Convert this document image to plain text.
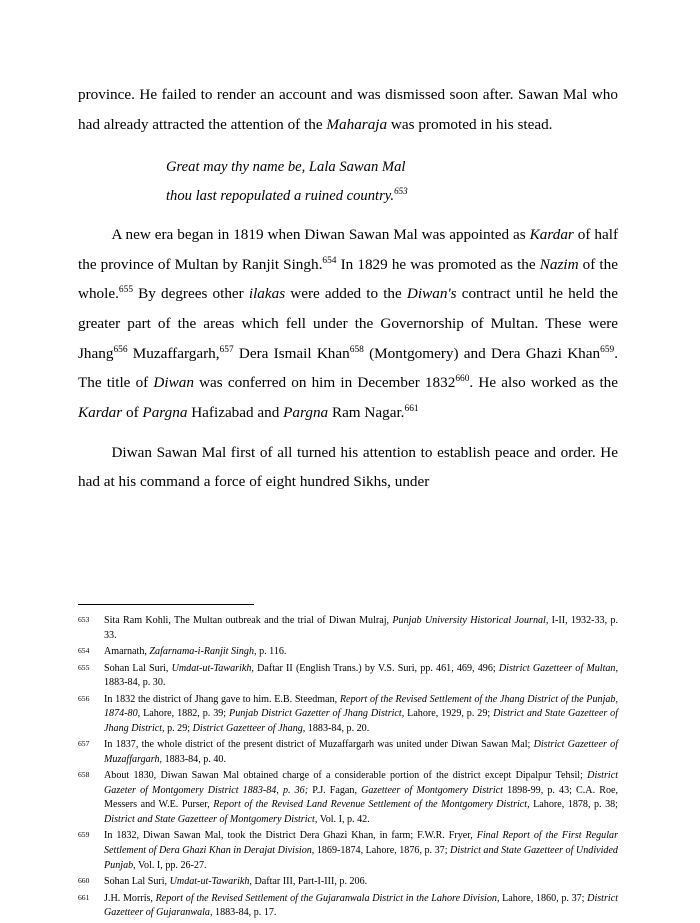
province. He failed to render an account and was dismissed soon after. Sawan Mal who had already attracted the attention of the Maharaja was promoted in his stead.

Great may thy name be, Lala Sawan Mal
thou last repopulated a ruined country.$^{653}$

A new era began in 1819 when Diwan Sawan Mal was appointed as Kardar of half the province of Multan by Ranjit Singh.$^{654}$ In 1829 he was promoted as the Nazim of the whole.$^{655}$ By degrees other ilakas were added to the Diwan's contract until he held the greater part of the areas which fell under the Governorship of Multan. These were Jhang$^{656}$ Muzaffargarh,$^{657}$ Dera Ismail Khan$^{658}$ (Montgomery) and Dera Ghazi Khan$^{659}$. The title of Diwan was conferred on him in December 1832$^{660}$. He also worked as the Kardar of Pargna Hafizabad and Pargna Ram Nagar.$^{661}$

Diwan Sawan Mal first of all turned his attention to establish peace and order. He had at his command a force of eight hundred Sikhs, under

653	Sita Ram Kohli, The Multan outbreak and the trial of Diwan Mulraj, Punjab University Historical Journal, I-II, 1932-33, p. 33.
654	Amarnath, Zafarnama-i-Ranjit Singh, p. 116.
655	Sohan Lal Suri, Umdat-ut-Tawarikh, Daftar II (English Trans.) by V.S. Suri, pp. 461, 469, 496; District Gazetteer of Multan, 1883-84, p. 30.
656	In 1832 the district of Jhang gave to him. E.B. Steedman, Report of the Revised Settlement of the Jhang District of the Punjab, 1874-80, Lahore, 1882, p. 39; Punjab District Gazetter of Jhang District, Lahore, 1929, p. 29; District and State Gazetteer of Jhang District, p. 29; District Gazetteer of Jhang, 1883-84, p. 20.
657	In 1837, the whole district of the present district of Muzaffargarh was united under Diwan Sawan Mal; District Gazetteer of Muzaffargarh, 1883-84, p. 40.
658	About 1830, Diwan Sawan Mal obtained charge of a considerable portion of the district except Dipalpur Tehsil; District Gazeter of Montgomery District 1883-84, p. 36; P.J. Fagan, Gazetteer of Montgomery District 1898-99, p. 43; C.A. Roe, Messers and W.E. Purser, Report of the Revised Land Revenue Settlement of the Montgomery District, Lahore, 1878, p. 38; District and State Gazetteer of Montgomery District, Vol. I, p. 42.
659	In 1832, Diwan Sawan Mal, took the District Dera Ghazi Khan, in farm; F.W.R. Fryer, Final Report of the First Regular Settlement of Dera Ghazi Khan in Derajat Division, 1869-1874, Lahore, 1876, p. 37; District and State Gazetteer of Undivided Punjab, Vol. I, pp. 26-27.
660	Sohan Lal Suri, Umdat-ut-Tawarikh, Daftar III, Part-I-III, p. 206.
661	J.H. Morris, Report of the Revised Settlement of the Gujaranwala District in the Lahore Division, Lahore, 1860, p. 37; District Gazetteer of Gujaranwala, 1883-84, p. 17.
